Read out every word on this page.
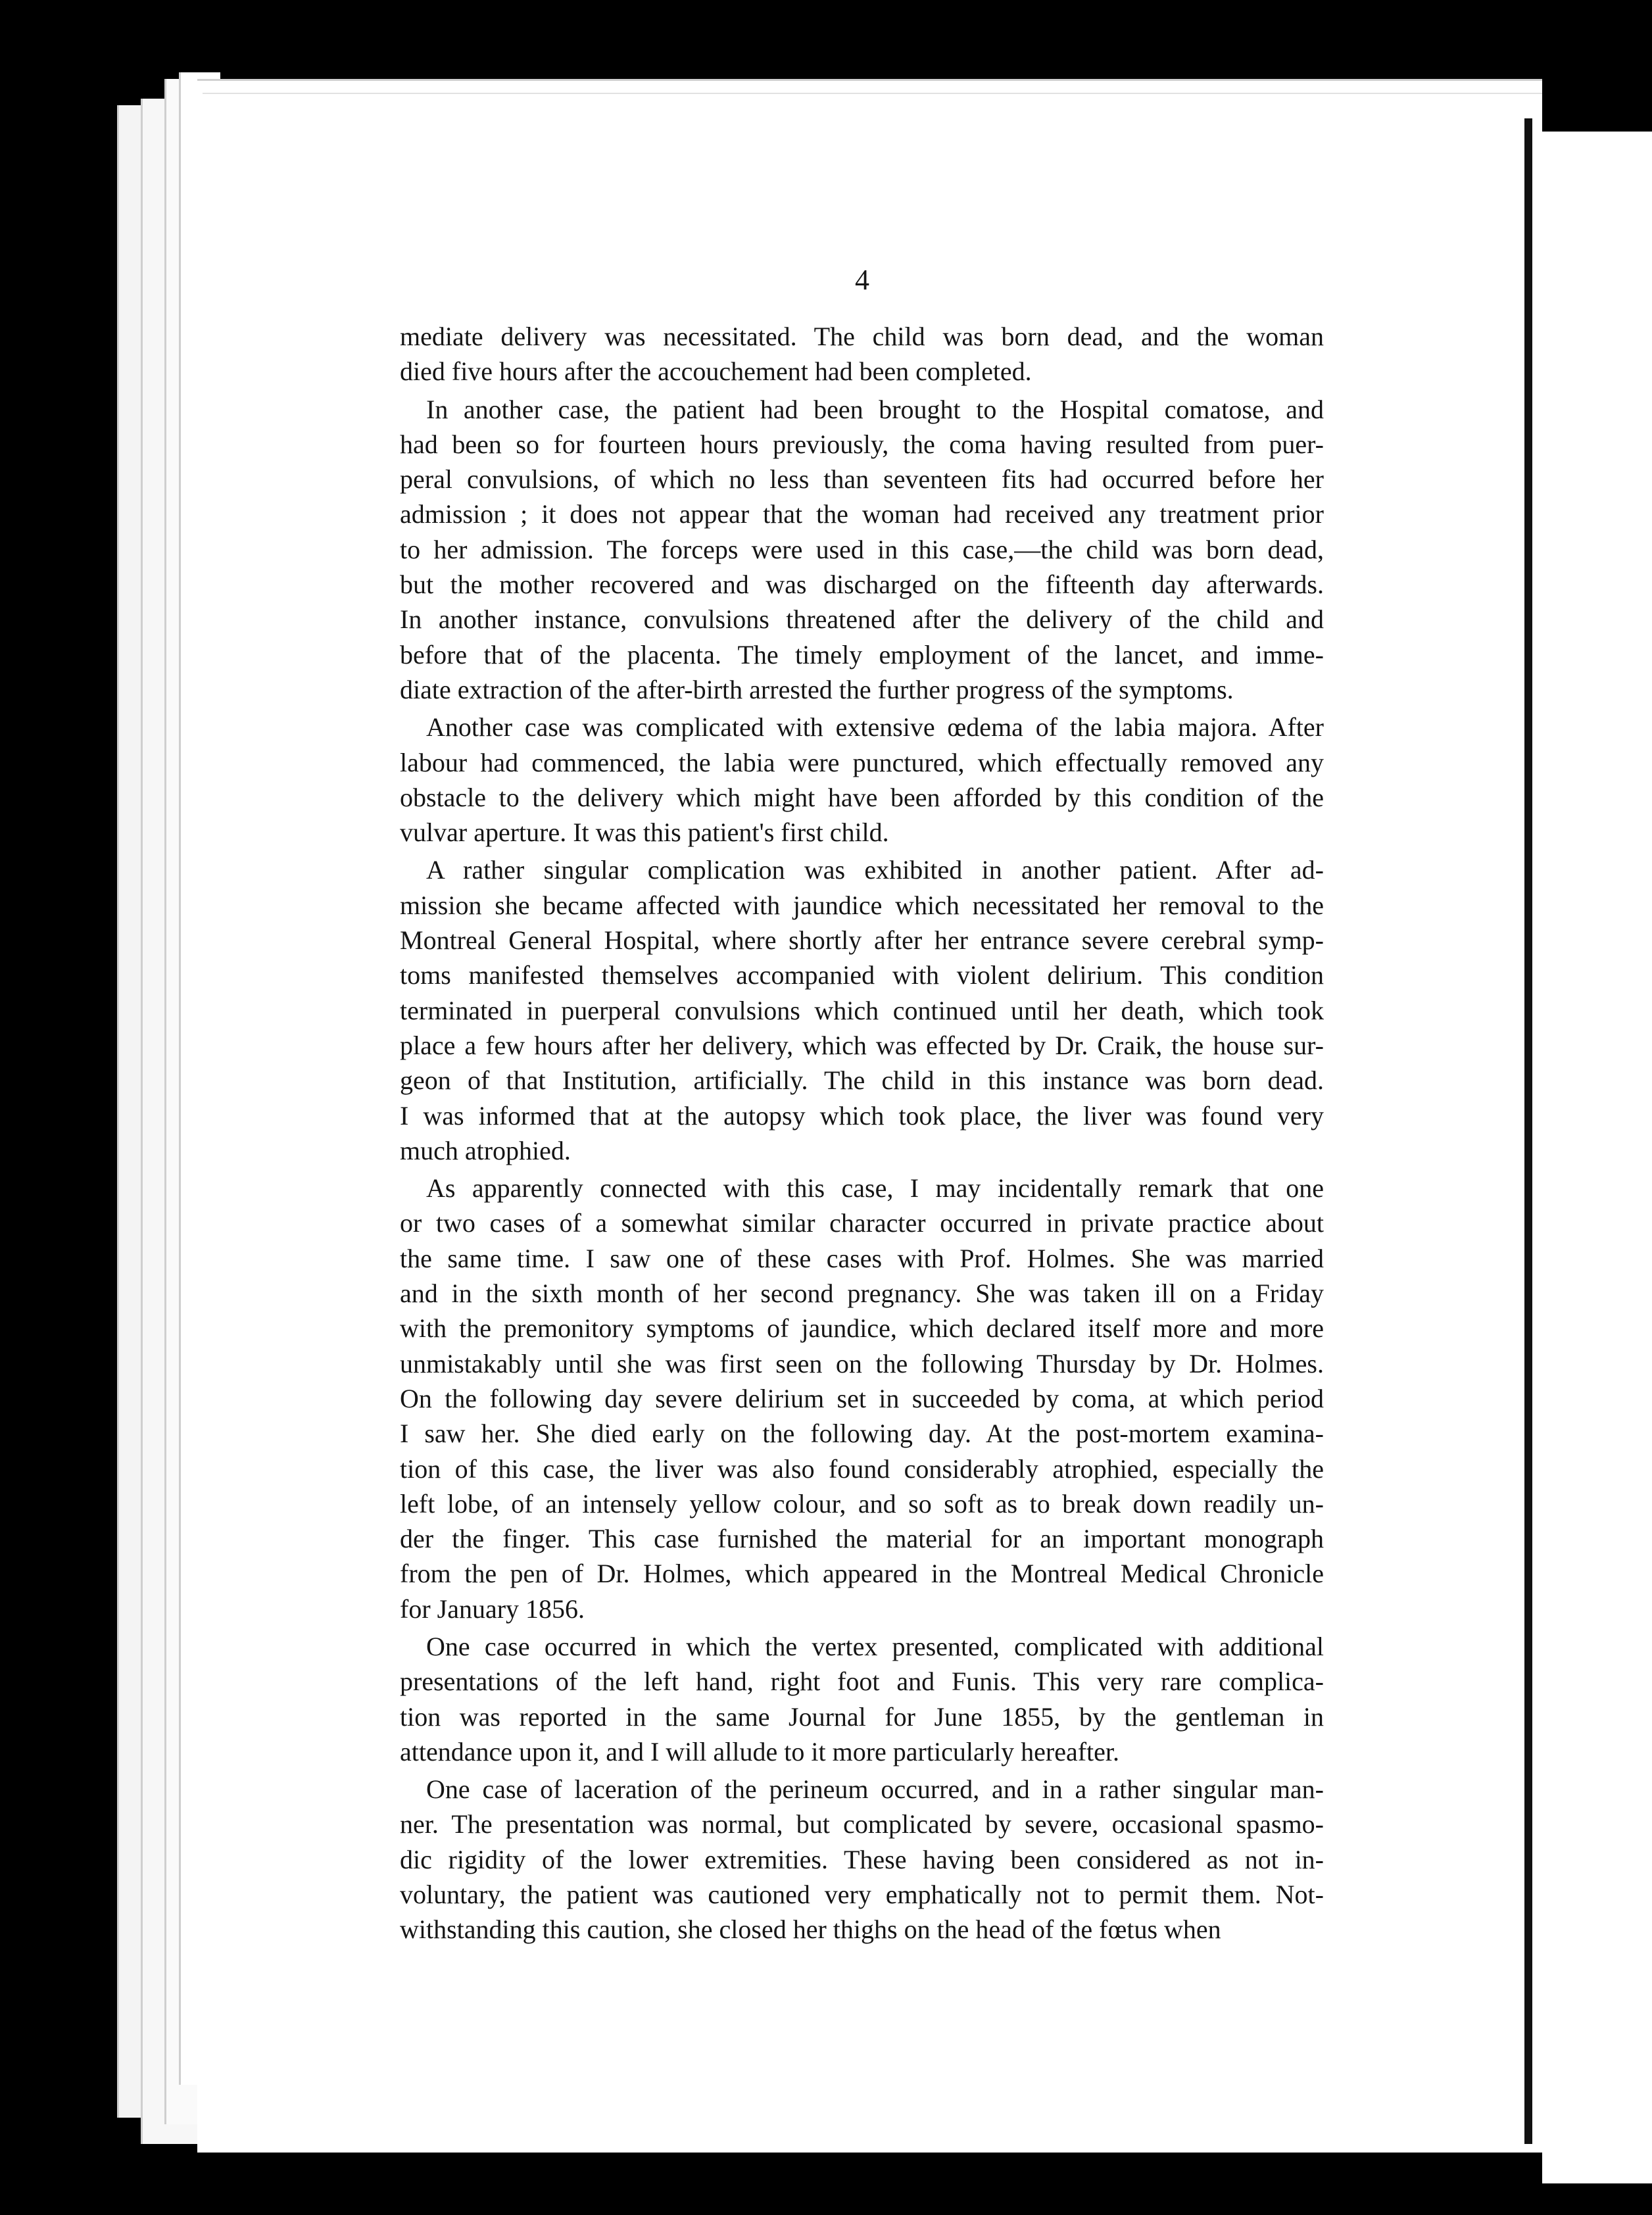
4

mediate delivery was necessitated. The child was born dead, and the woman
died five hours after the accouchement had been completed.

In another case, the patient had been brought to the Hospital comatose, and
had been so for fourteen hours previously, the coma having resulted from puer-
peral convulsions, of which no less than seventeen fits had occurred before her
admission ; it does not appear that the woman had received any treatment prior
to her admission. The forceps were used in this case,—the child was born dead,
but the mother recovered and was discharged on the fifteenth day afterwards.
In another instance, convulsions threatened after the delivery of the child and
before that of the placenta. The timely employment of the lancet, and imme-
diate extraction of the after-birth arrested the further progress of the symptoms.

Another case was complicated with extensive œdema of the labia majora. After
labour had commenced, the labia were punctured, which effectually removed any
obstacle to the delivery which might have been afforded by this condition of the
vulvar aperture. It was this patient's first child.

A rather singular complication was exhibited in another patient. After ad-
mission she became affected with jaundice which necessitated her removal to the
Montreal General Hospital, where shortly after her entrance severe cerebral symp-
toms manifested themselves accompanied with violent delirium. This condition
terminated in puerperal convulsions which continued until her death, which took
place a few hours after her delivery, which was effected by Dr. Craik, the house sur-
geon of that Institution, artificially. The child in this instance was born dead.
I was informed that at the autopsy which took place, the liver was found very
much atrophied.

As apparently connected with this case, I may incidentally remark that one
or two cases of a somewhat similar character occurred in private practice about
the same time. I saw one of these cases with Prof. Holmes. She was married
and in the sixth month of her second pregnancy. She was taken ill on a Friday
with the premonitory symptoms of jaundice, which declared itself more and more
unmistakably until she was first seen on the following Thursday by Dr. Holmes.
On the following day severe delirium set in succeeded by coma, at which period
I saw her. She died early on the following day. At the post-mortem examina-
tion of this case, the liver was also found considerably atrophied, especially the
left lobe, of an intensely yellow colour, and so soft as to break down readily un-
der the finger. This case furnished the material for an important monograph
from the pen of Dr. Holmes, which appeared in the Montreal Medical Chronicle
for January 1856.

One case occurred in which the vertex presented, complicated with additional
presentations of the left hand, right foot and Funis. This very rare complica-
tion was reported in the same Journal for June 1855, by the gentleman in
attendance upon it, and I will allude to it more particularly hereafter.

One case of laceration of the perineum occurred, and in a rather singular man-
ner. The presentation was normal, but complicated by severe, occasional spasmo-
dic rigidity of the lower extremities. These having been considered as not in-
voluntary, the patient was cautioned very emphatically not to permit them. Not-
withstanding this caution, she closed her thighs on the head of the fœtus when
